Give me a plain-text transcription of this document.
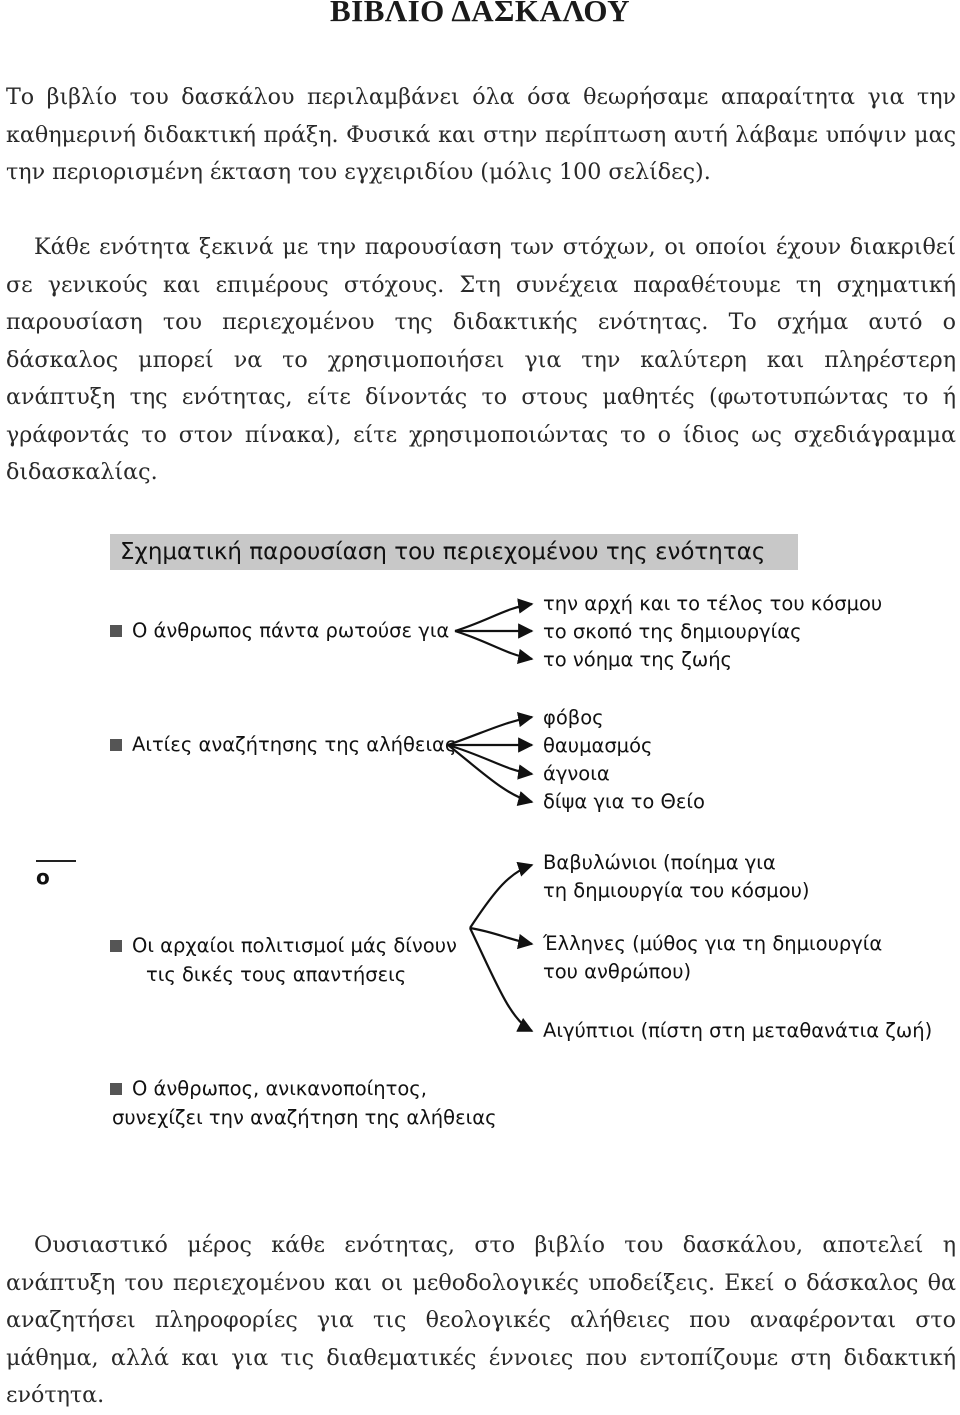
ΒΙΒΛΙΟ ΔΑΣΚΑΛΟΥ

Το βιβλίο του δασκάλου περιλαμβάνει όλα όσα θεωρήσαμε απαραίτητα για την καθημερινή διδακτική πράξη. Φυσικά και στην περίπτωση αυτή λάβαμε υπόψιν μας την περιορισμένη έκταση του εγχειριδίου (μόλις 100 σελίδες).

Κάθε ενότητα ξεκινά με την παρουσίαση των στόχων, οι οποίοι έχουν διακριθεί σε γενικούς και επιμέρους στόχους. Στη συνέχεια παραθέτουμε τη σχηματική παρουσίαση του περιεχομένου της διδακτικής ενότητας. Το σχήμα αυτό ο δάσκαλος μπορεί να το χρησιμοποιήσει για την καλύτερη και πληρέστερη ανάπτυξη της ενότητας, είτε δίνοντάς το στους μαθητές (φωτοτυπώντας το ή γράφοντάς το στον πίνακα), είτε χρησιμοποιώντας το ο ίδιος ως σχεδιάγραμμα διδασκαλίας.

Σχηματική παρουσίαση του περιεχομένου της ενότητας
ο
Ο άνθρωπος πάντα ρωτούσε για
την αρχή και το τέλος του κόσμου
το σκοπό της δημιουργίας
το νόημα της ζωής
Αιτίες αναζήτησης της αλήθειας
φόβος
θαυμασμός
άγνοια
δίψα για το Θείο
Οι αρχαίοι πολιτισμοί μάς δίνουν
τις δικές τους απαντήσεις
Βαβυλώνιοι (ποίημα για
τη δημιουργία του κόσμου)
Έλληνες (μύθος για τη δημιουργία
του ανθρώπου)
Αιγύπτιοι (πίστη στη μεταθανάτια ζωή)
Ο άνθρωπος, ανικανοποίητος,
συνεχίζει την αναζήτηση της αλήθειας

Ουσιαστικό μέρος κάθε ενότητας, στο βιβλίο του δασκάλου, αποτελεί η ανάπτυξη του περιεχομένου και οι μεθοδολογικές υποδείξεις. Εκεί ο δάσκαλος θα αναζητήσει πληροφορίες για τις θεολογικές αλήθειες που αναφέρονται στο μάθημα, αλλά και για τις διαθεματικές έννοιες που εντοπίζουμε στη διδακτική ενότητα.
